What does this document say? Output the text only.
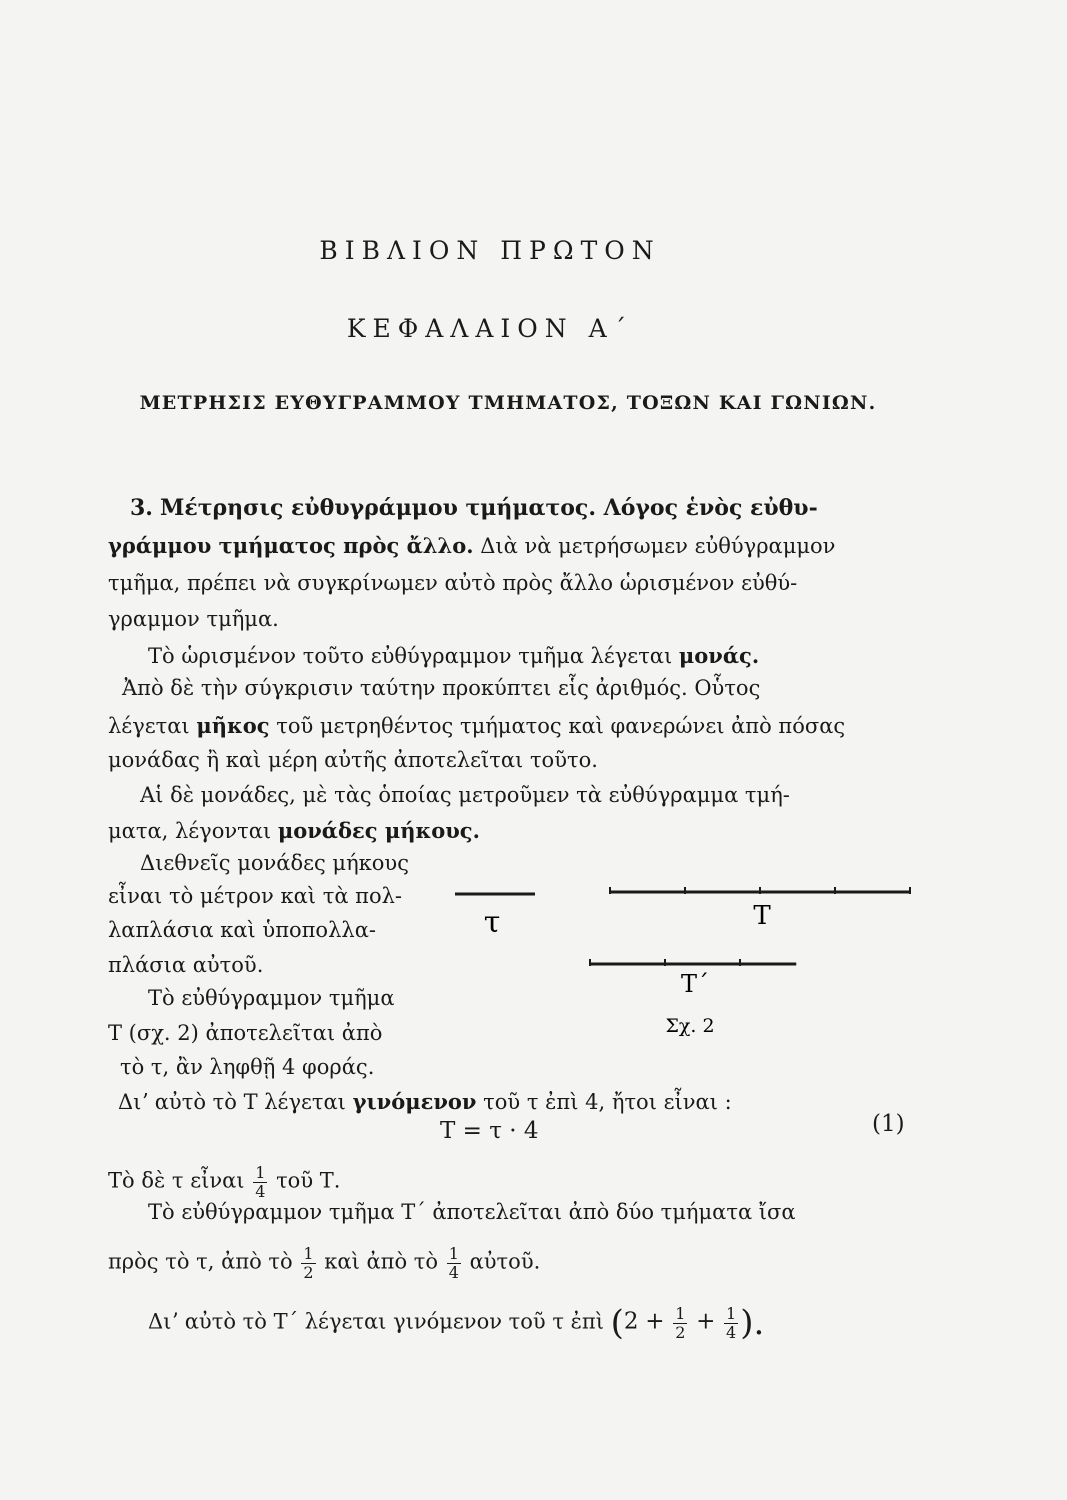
ΒΙΒΛΙΟΝ ΠΡΩΤΟΝ
ΚΕΦΑΛΑΙΟΝ Α΄
ΜΕΤΡΗΣΙΣ ΕΥΘΥΓΡΑΜΜΟΥ ΤΜΗΜΑΤΟΣ, ΤΟΞΩΝ ΚΑΙ ΓΩΝΙΩΝ.
3. Μέτρησις εὐθυγράμμου τμήματος. Λόγος ἑνὸς εὐθυ-
γράμμου τμήματος πρὸς ἄλλο. Διὰ νὰ μετρήσωμεν εὐθύγραμμον
τμῆμα, πρέπει νὰ συγκρίνωμεν αὐτὸ πρὸς ἄλλο ὡρισμένον εὐθύ-
γραμμον τμῆμα.
Τὸ ὡρισμένον τοῦτο εὐθύγραμμον τμῆμα λέγεται μονάς.
Ἀπὸ δὲ τὴν σύγκρισιν ταύτην προκύπτει εἷς ἀριθμός. Οὗτος
λέγεται μῆκος τοῦ μετρηθέντος τμήματος καὶ φανερώνει ἀπὸ πόσας
μονάδας ἢ καὶ μέρη αὐτῆς ἀποτελεῖται τοῦτο.
Αἱ δὲ μονάδες, μὲ τὰς ὁποίας μετροῦμεν τὰ εὐθύγραμμα τμή-
ματα, λέγονται μονάδες μήκους.
Διεθνεῖς μονάδες μήκους
εἶναι τὸ μέτρον καὶ τὰ πολ-
λαπλάσια καὶ ὑποπολλα-
πλάσια αὐτοῦ.
Τὸ εὐθύγραμμον τμῆμα
Τ (σχ. 2) ἀποτελεῖται ἀπὸ
τὸ τ, ἂν ληφθῇ 4 φοράς.
τ	Τ
Τ΄
Σχ. 2
Διʼ αὐτὸ τὸ Τ λέγεται γινόμενον τοῦ τ ἐπὶ 4, ἤτοι εἶναι :
Τ = τ · 4	(1)
Τὸ δὲ τ εἶναι $\frac{1}{4}$ τοῦ Τ.
Τὸ εὐθύγραμμον τμῆμα Τ΄ ἀποτελεῖται ἀπὸ δύο τμήματα ἴσα
πρὸς τὸ τ, ἀπὸ τὸ $\frac{1}{2}$ καὶ ἀπὸ τὸ $\frac{1}{4}$ αὐτοῦ.
Διʼ αὐτὸ τὸ Τ΄ λέγεται γινόμενον τοῦ τ ἐπὶ ($2 + \frac{1}{2} + \frac{1}{4}$ ).
